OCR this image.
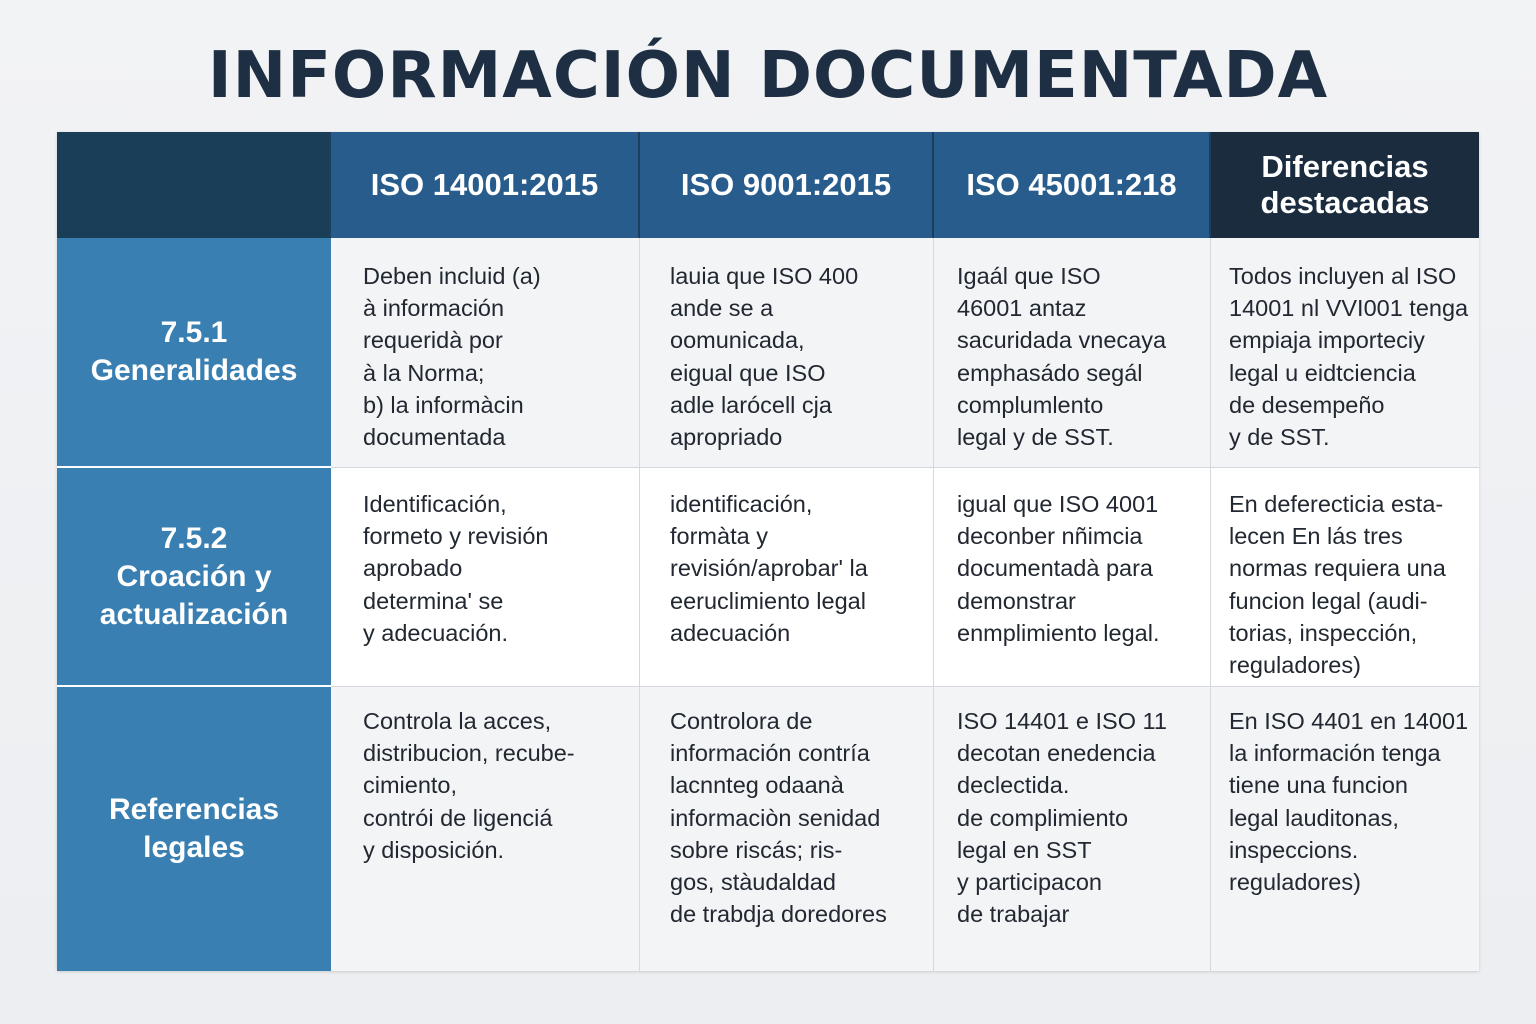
INFORMACIÓN DOCUMENTADA
ISO 14001:2015	ISO 9001:2015	ISO 45001:218
Diferencias
destacadas
7.5.1
Generalidades
Deben incluid (a)
à información
requeridà por
à la Norma;
b) la informàcin
documentada
lauia que ISO 400
ande se a
oomunicada,
eigual que ISO
adle larócell cja
apropriado
Igaál que ISO
46001 antaz
sacuridada vnecaya
emphasádo segál
complumlento
legal y de SST.
Todos incluyen al ISO
14001 nl VVI001 tenga
empiaja importeciy
legal u eidtciencia
de desempeño
y de SST.
7.5.2
Croación y
actualización
Identificación,
formeto y revisión
aprobado
determina' se
y adecuación.
identificación,
formàta y
revisión/aprobar' la
eeruclimiento legal
adecuación
igual que ISO 4001
deconber nñimcia
documentadà para
demonstrar
enmplimiento legal.
En deferecticia esta-
lecen En lás tres
normas requiera una
funcion legal (audi-
torias, inspección,
reguladores)
Referencias
legales
Controla la acces,
distribucion, recube-
cimiento,
contrói de ligenciá
y disposición.
Controlora de
información contría
lacnnteg odaanà
informaciòn senidad
sobre riscás; ris-
gos, stàudaldad
de trabdja doredores
ISO 14401 e ISO 11
decotan enedencia
declectida.
de complimiento
legal en SST
y participacon
de trabajar
En ISO 4401 en 14001
la información tenga
tiene una funcion
legal lauditonas,
inspeccions.
reguladores)
